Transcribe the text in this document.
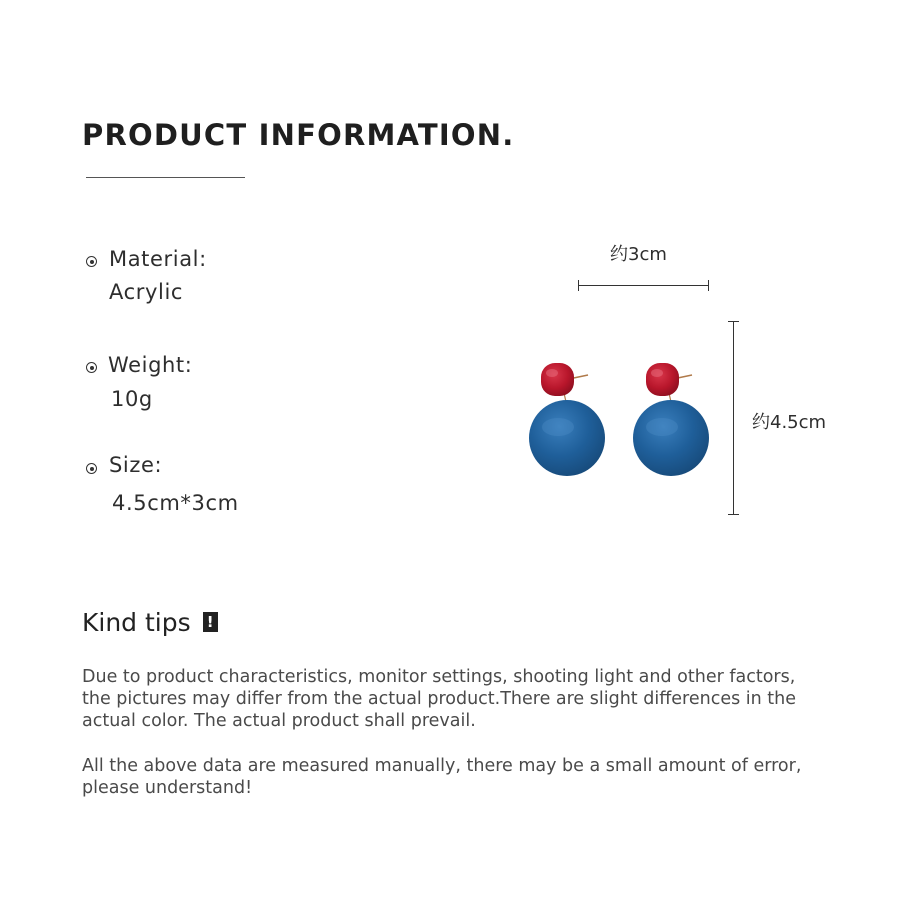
PRODUCT INFORMATION.
Material:
Acrylic
Weight:
10g
Size:
4.5cm*3cm
约3cm
约4.5cm
Kind tips !
Due to product characteristics, monitor settings, shooting light and other factors, the pictures may differ from the actual product.There are slight differences in the actual color. The actual product shall prevail.
All the above data are measured manually, there may be a small amount of error, please understand!
